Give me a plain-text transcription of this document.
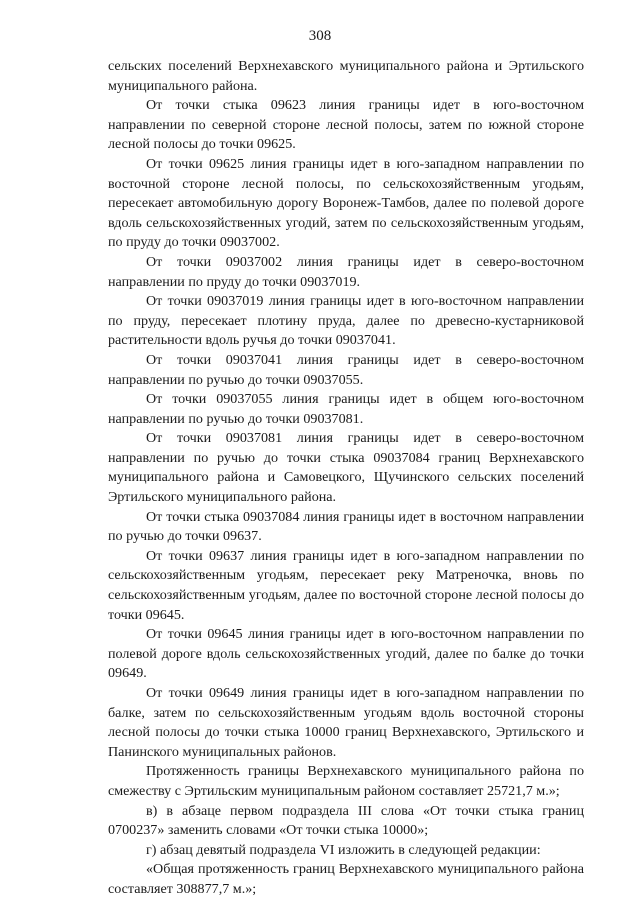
308

сельских поселений Верхнехавского муниципального района и Эртильского муниципального района.

От точки стыка 09623 линия границы идет в юго-восточном направлении по северной стороне лесной полосы, затем по южной стороне лесной полосы до точки 09625.

От точки 09625 линия границы идет в юго-западном направлении по восточной стороне лесной полосы, по сельскохозяйственным угодьям, пересекает автомобильную дорогу Воронеж-Тамбов, далее по полевой дороге вдоль сельскохозяйственных угодий, затем по сельскохозяйственным угодьям, по пруду до точки 09037002.

От точки 09037002 линия границы идет в северо-восточном направлении по пруду до точки 09037019.

От точки 09037019 линия границы идет в юго-восточном направлении по пруду, пересекает плотину пруда, далее по древесно-кустарниковой растительности вдоль ручья до точки 09037041.

От точки 09037041 линия границы идет в северо-восточном направлении по ручью до точки 09037055.

От точки 09037055 линия границы идет в общем юго-восточном направлении по ручью до точки 09037081.

От точки 09037081 линия границы идет в северо-восточном направлении по ручью до точки стыка 09037084 границ Верхнехавского муниципального района и Самовецкого, Щучинского сельских поселений Эртильского муниципального района.

От точки стыка 09037084 линия границы идет в восточном направлении по ручью до точки 09637.

От точки 09637 линия границы идет в юго-западном направлении по сельскохозяйственным угодьям, пересекает реку Матреночка, вновь по сельскохозяйственным угодьям, далее по восточной стороне лесной полосы до точки 09645.

От точки 09645 линия границы идет в юго-восточном направлении по полевой дороге вдоль сельскохозяйственных угодий, далее по балке до точки 09649.

От точки 09649 линия границы идет в юго-западном направлении по балке, затем по сельскохозяйственным угодьям вдоль восточной стороны лесной полосы до точки стыка 10000 границ Верхнехавского, Эртильского и Панинского муниципальных районов.

Протяженность границы Верхнехавского муниципального района по смежеству с Эртильским муниципальным районом составляет 25721,7 м.»;

в) в абзаце первом подраздела III слова «От точки стыка границ 0700237» заменить словами «От точки стыка 10000»;

г) абзац девятый подраздела VI изложить в следующей редакции:

«Общая протяженность границ Верхнехавского муниципального района составляет 308877,7 м.»;
